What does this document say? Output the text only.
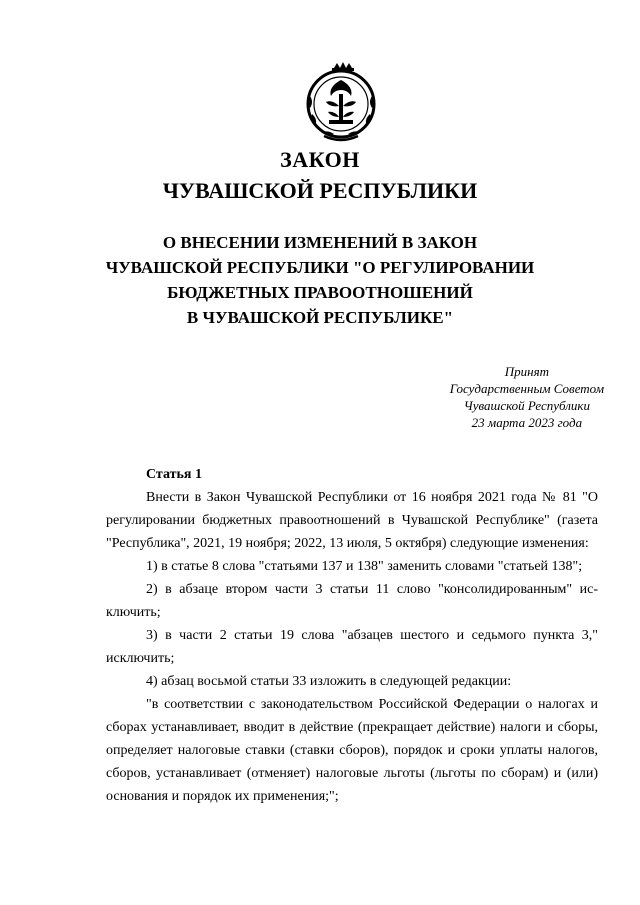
ЗАКОН
ЧУВАШСКОЙ РЕСПУБЛИКИ
О ВНЕСЕНИИ ИЗМЕНЕНИЙ В ЗАКОН
ЧУВАШСКОЙ РЕСПУБЛИКИ "О РЕГУЛИРОВАНИИ
БЮДЖЕТНЫХ ПРАВООТНОШЕНИЙ
В ЧУВАШСКОЙ РЕСПУБЛИКЕ"
Принят
Государственным Советом
Чувашской Республики
23 марта 2023 года
Статья 1

Внести в Закон Чувашской Республики от 16 ноября 2021 года № 81 "О регулировании бюджетных правоотношений в Чувашской Республике" (газета "Республика", 2021, 19 ноября; 2022, 13 июля, 5 октября) следующие изменения:

1) в статье 8 слова "статьями 137 и 138" заменить словами "статьей 138";

2) в абзаце втором части 3 статьи 11 слово "консолидированным" исключить;

3) в части 2 статьи 19 слова "абзацев шестого и седьмого пункта 3," исключить;

4) абзац восьмой статьи 33 изложить в следующей редакции:

"в соответствии с законодательством Российской Федерации о налогах и сборах устанавливает, вводит в действие (прекращает действие) налоги и сборы, определяет налоговые ставки (ставки сборов), порядок и сроки уплаты налогов, сборов, устанавливает (отменяет) налоговые льготы (льготы по сборам) и (или) основания и порядок их применения;";
